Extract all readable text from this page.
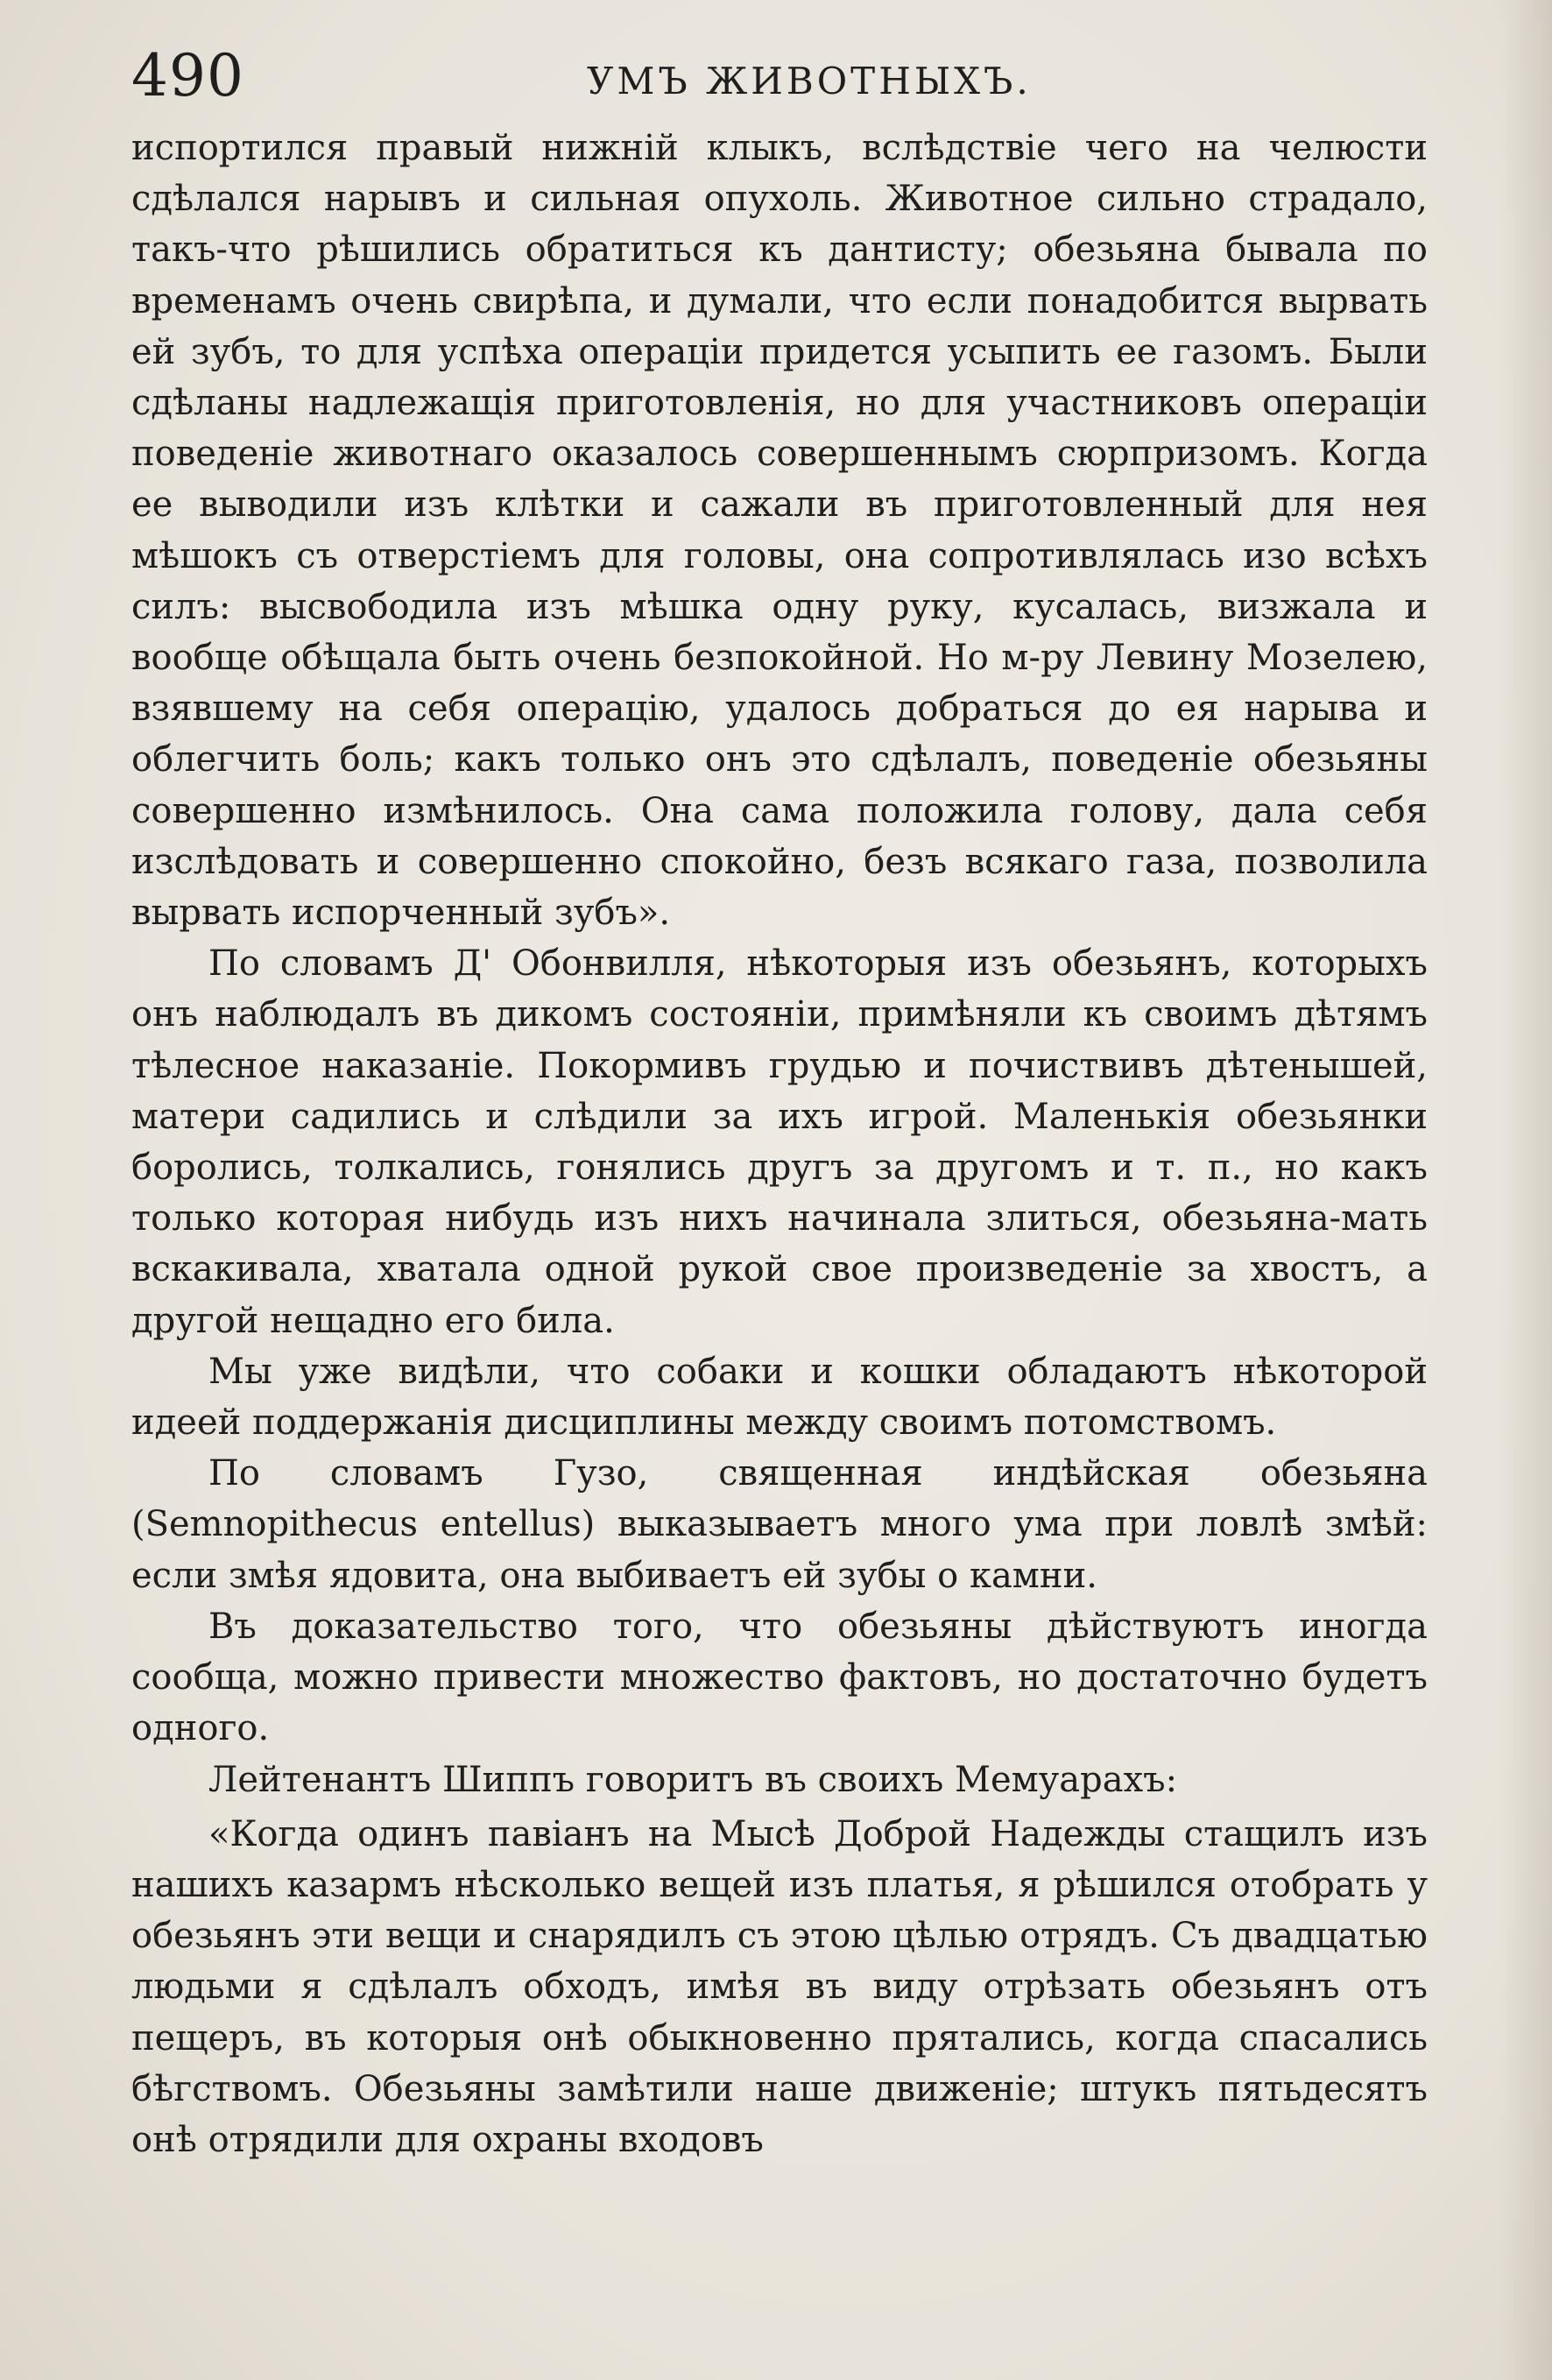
490	УМЪ ЖИВОТНЫХЪ.

испортился правый нижній клыкъ, вслѣдствіе чего на челюсти сдѣлался нарывъ и сильная опухоль. Животное сильно страдало, такъ-что рѣшились обратиться къ дантисту; обезьяна бывала по временамъ очень свирѣпа, и думали, что если понадобится вырвать ей зубъ, то для успѣха операціи придется усыпить ее газомъ. Были сдѣланы надлежащія приготовленія, но для участниковъ операціи поведеніе животнаго оказалось совершеннымъ сюрпризомъ. Когда ее выводили изъ клѣтки и сажали въ приготовленный для нея мѣшокъ съ отверстіемъ для головы, она сопротивлялась изо всѣхъ силъ: высвободила изъ мѣшка одну руку, кусалась, визжала и вообще обѣщала быть очень безпокойной. Но м-ру Левину Мозелею, взявшему на себя операцію, удалось добраться до ея нарыва и облегчить боль; какъ только онъ это сдѣлалъ, поведеніе обезьяны совершенно измѣнилось. Она сама положила голову, дала себя изслѣдовать и совершенно спокойно, безъ всякаго газа, позволила вырвать испорченный зубъ».

По словамъ Д' Обонвилля, нѣкоторыя изъ обезьянъ, которыхъ онъ наблюдалъ въ дикомъ состояніи, примѣняли къ своимъ дѣтямъ тѣлесное наказаніе. Покормивъ грудью и почиствивъ дѣтенышей, матери садились и слѣдили за ихъ игрой. Маленькія обезьянки боролись, толкались, гонялись другъ за другомъ и т. п., но какъ только которая нибудь изъ нихъ начинала злиться, обезьяна-мать вскакивала, хватала одной рукой свое произведеніе за хвостъ, а другой нещадно его била.

Мы уже видѣли, что собаки и кошки обладаютъ нѣкоторой идеей поддержанія дисциплины между своимъ потомствомъ.

По словамъ Гузо, священная индѣйская обезьяна (Semnopithecus entellus) выказываетъ много ума при ловлѣ змѣй: если змѣя ядовита, она выбиваетъ ей зубы о камни.

Въ доказательство того, что обезьяны дѣйствуютъ иногда сообща, можно привести множество фактовъ, но достаточно будетъ одного.

Лейтенантъ Шиппъ говоритъ въ своихъ Мемуарахъ:

«Когда одинъ павіанъ на Мысѣ Доброй Надежды стащилъ изъ нашихъ казармъ нѣсколько вещей изъ платья, я рѣшился отобрать у обезьянъ эти вещи и снарядилъ съ этою цѣлью отрядъ. Съ двадцатью людьми я сдѣлалъ обходъ, имѣя въ виду отрѣзать обезьянъ отъ пещеръ, въ которыя онѣ обыкновенно прятались, когда спасались бѣгствомъ. Обезьяны замѣтили наше движеніе; штукъ пятьдесятъ онѣ отрядили для охраны входовъ
